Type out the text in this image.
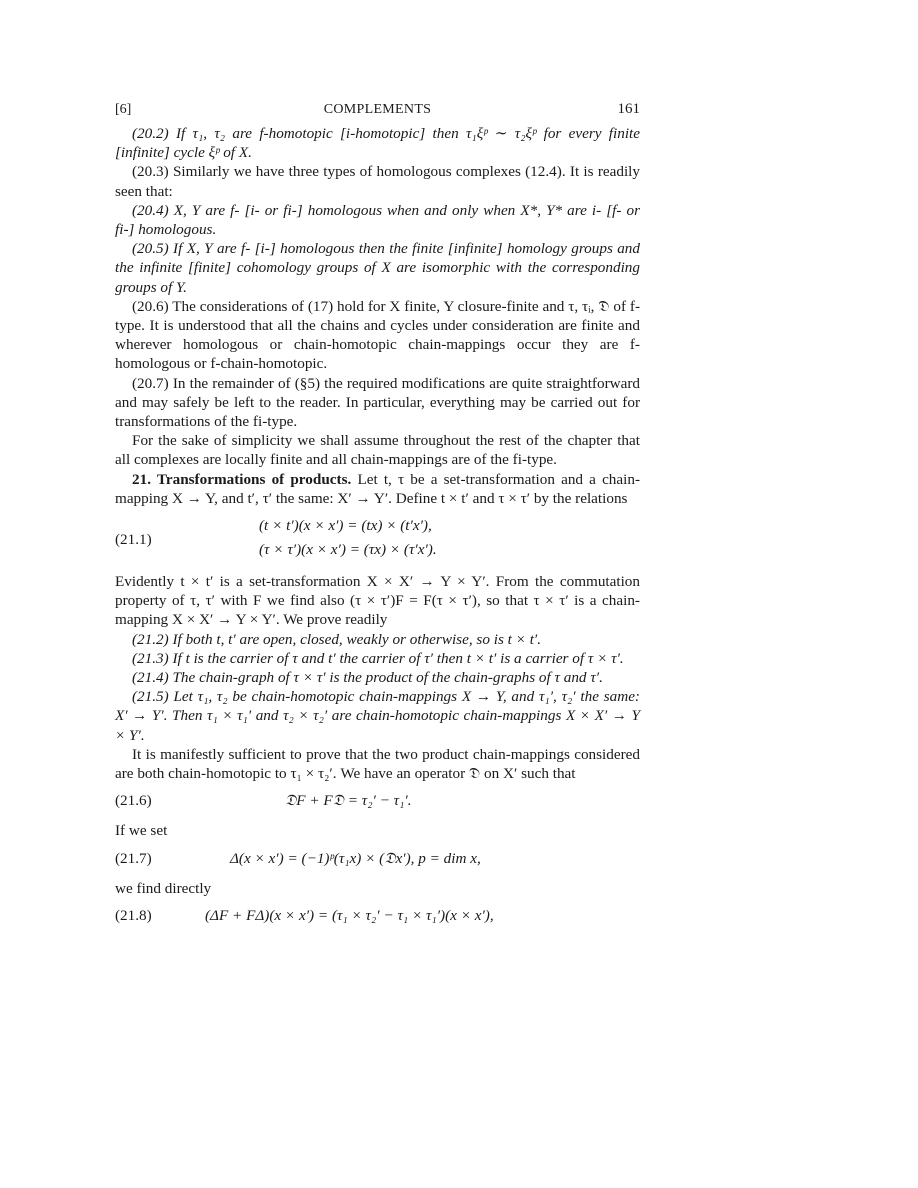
[6]	COMPLEMENTS	161

(20.2) If τ₁, τ₂ are f-homotopic [i-homotopic] then τ₁ξᵖ ∼ τ₂ξᵖ for every finite [infinite] cycle ξᵖ of X.

(20.3) Similarly we have three types of homologous complexes (12.4). It is readily seen that:

(20.4) X, Y are f- [i- or fi-] homologous when and only when X*, Y* are i- [f- or fi-] homologous.

(20.5) If X, Y are f- [i-] homologous then the finite [infinite] homology groups and the infinite [finite] cohomology groups of X are isomorphic with the corresponding groups of Y.

(20.6) The considerations of (17) hold for X finite, Y closure-finite and τ, τᵢ, 𝔇 of f-type. It is understood that all the chains and cycles under consideration are finite and wherever homologous or chain-homotopic chain-mappings occur they are f-homologous or f-chain-homotopic.

(20.7) In the remainder of (§5) the required modifications are quite straightforward and may safely be left to the reader. In particular, everything may be carried out for transformations of the fi-type.

For the sake of simplicity we shall assume throughout the rest of the chapter that all complexes are locally finite and all chain-mappings are of the fi-type.

21. Transformations of products. Let t, τ be a set-transformation and a chain-mapping X → Y, and t′, τ′ the same: X′ → Y′. Define t × t′ and τ × τ′ by the relations

(21.1)
(t × t′)(x × x′) = (tx) × (t′x′),
(τ × τ′)(x × x′) = (τx) × (τ′x′).

Evidently t × t′ is a set-transformation X × X′ → Y × Y′. From the commutation property of τ, τ′ with F we find also (τ × τ′)F = F(τ × τ′), so that τ × τ′ is a chain-mapping X × X′ → Y × Y′. We prove readily

(21.2) If both t, t′ are open, closed, weakly or otherwise, so is t × t′.

(21.3) If t is the carrier of τ and t′ the carrier of τ′ then t × t′ is a carrier of τ × τ′.

(21.4) The chain-graph of τ × τ′ is the product of the chain-graphs of τ and τ′.

(21.5) Let τ₁, τ₂ be chain-homotopic chain-mappings X → Y, and τ₁′, τ₂′ the same: X′ → Y′. Then τ₁ × τ₁′ and τ₂ × τ₂′ are chain-homotopic chain-mappings X × X′ → Y × Y′.

It is manifestly sufficient to prove that the two product chain-mappings considered are both chain-homotopic to τ₁ × τ₂′. We have an operator 𝔇 on X′ such that

(21.6)	𝔇F + F𝔇 = τ₂′ − τ₁′.

If we set

(21.7)	Δ(x × x′) = (−1)ᵖ(τ₁x) × (𝔇x′), p = dim x,

we find directly

(21.8)	(ΔF + FΔ)(x × x′) = (τ₁ × τ₂′ − τ₁ × τ₁′)(x × x′),
